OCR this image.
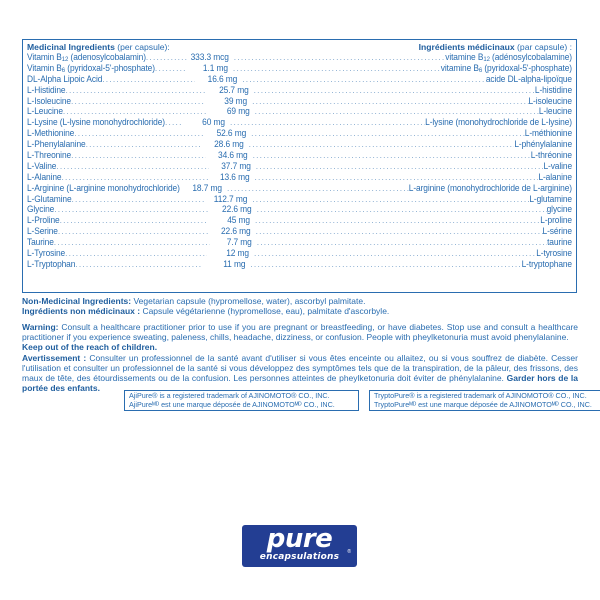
Medicinal Ingredients (per capsule):	Ingrédients médicinaux (par capsule) :
Vitamin $B_{12}$ (adenosylcobalamin) .....	333.3 mcg .....	vitamine $B_{12}$ (adénosylcobalamine)
Vitamin $B_6$ (pyridoxal-5'-phosphate) .....	1.1 mg .....	vitamine $B_6$ (pyridoxal-5'-phosphate)
DL-Alpha Lipoic Acid .....	16.6 mg .....	acide DL-alpha-lipoïque
L-Histidine .....	25.7 mg .....	L-histidine
L-Isoleucine .....	39 mg .....	L-isoleucine
L-Leucine .....	69 mg .....	L-leucine
L-Lysine (L-lysine monohydrochloride) .....	60 mg .....	L-lysine (monohydrochloride de L-lysine)
L-Methionine .....	52.6 mg .....	L-méthionine
L-Phenylalanine .....	28.6 mg .....	L-phénylalanine
L-Threonine .....	34.6 mg .....	L-thréonine
L-Valine .....	37.7 mg .....	L-valine
L-Alanine .....	13.6 mg .....	L-alanine
L-Arginine (L-arginine monohydrochloride) .....	18.7 mg .....	L-arginine (monohydrochloride de L-arginine)
L-Glutamine .....	112.7 mg .....	L-glutamine
Glycine .....	22.6 mg .....	glycine
L-Proline .....	45 mg .....	L-proline
L-Serine .....	22.6 mg .....	L-sérine
Taurine .....	7.7 mg .....	taurine
L-Tyrosine .....	12 mg .....	L-tyrosine
L-Tryptophan .....	11 mg .....	L-tryptophane
Non-Medicinal Ingredients: Vegetarian capsule (hypromellose, water), ascorbyl palmitate.
Ingrédients non médicinaux : Capsule végétarienne (hypromellose, eau), palmitate d'ascorbyle.

Warning: Consult a healthcare practitioner prior to use if you are pregnant or breastfeeding, or have diabetes. Stop use and consult a healthcare practitioner if you experience sweating, paleness, chills, headache, dizziness, or confusion. People with pheylketonuria must avoid phenylalanine.
Keep out of the reach of children.

Avertissement : Consulter un professionnel de la santé avant d'utiliser si vous êtes enceinte ou allaitez, ou si vous souffrez de diabète. Cesser l'utilisation et consulter un professionnel de la santé si vous développez des symptômes tels que de la transpiration, de la pâleur, des frissons, des maux de tête, des étourdissements ou de la confusion. Les personnes atteintes de pheylketonuria doit éviter de phénylalanine. Garder hors de la portée des enfants.

AjiPure® is a registered trademark of AJINOMOTO® CO., INC.
AjiPureᴹᴰ est une marque déposée de AJINOMOTOᴹᴰ CO., INC.
TryptoPure® is a registered trademark of AJINOMOTO® CO., INC.
TryptoPureᴹᴰ est une marque déposée de AJINOMOTOᴹᴰ CO., INC.
pure
encapsulations	®
